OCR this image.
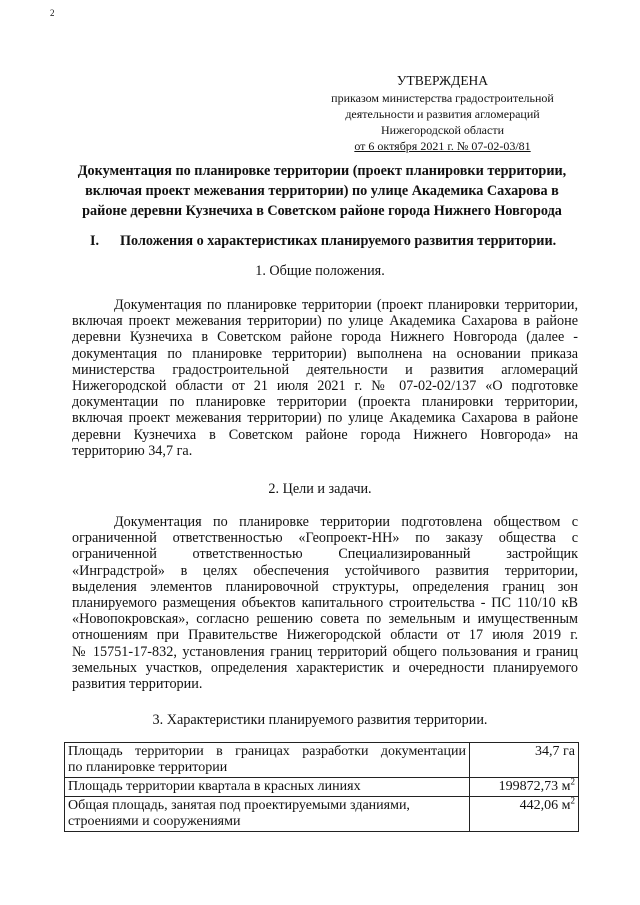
2
УТВЕРЖДЕНА
приказом министерства градостроительной
деятельности и развития агломераций
Нижегородской области
от 6 октября 2021 г. № 07-02-03/81
Документация по планировке территории (проект планировки территории,
включая проект межевания территории) по улице Академика Сахарова в
районе деревни Кузнечиха в Советском районе города Нижнего Новгорода
I. Положения о характеристиках планируемого развития территории.
1. Общие положения.
Документация по планировке территории (проект планировки территории,
включая проект межевания территории) по улице Академика Сахарова в районе
деревни Кузнечиха в Советском районе города Нижнего Новгорода (далее -
документация по планировке территории) выполнена на основании приказа
министерства градостроительной деятельности и развития агломераций
Нижегородской области от 21 июля 2021 г. № 07-02-02/137 «О подготовке
документации по планировке территории (проекта планировки территории,
включая проект межевания территории) по улице Академика Сахарова в районе
деревни Кузнечиха в Советском районе города Нижнего Новгорода» на
территорию 34,7 га.
2. Цели и задачи.
Документация по планировке территории подготовлена обществом с
ограниченной ответственностью «Геопроект-НН» по заказу общества с
ограниченной ответственностью Специализированный застройщик
«Инградстрой» в целях обеспечения устойчивого развития территории,
выделения элементов планировочной структуры, определения границ зон
планируемого размещения объектов капитального строительства - ПС 110/10 кВ
«Новопокровская», согласно решению совета по земельным и имущественным
отношениям при Правительстве Нижегородской области от 17 июля 2019 г.
№ 15751-17-832, установления границ территорий общего пользования и границ
земельных участков, определения характеристик и очередности планируемого
развития территории.
3. Характеристики планируемого развития территории.
Площадь территории в границах разработки документации
по планировке территории	34,7 га

Площадь территории квартала в красных линиях	199872,73 $м^2$

Общая площадь, занятая под проектируемыми зданиями,
строениями и сооружениями	442,06 $м^2$
